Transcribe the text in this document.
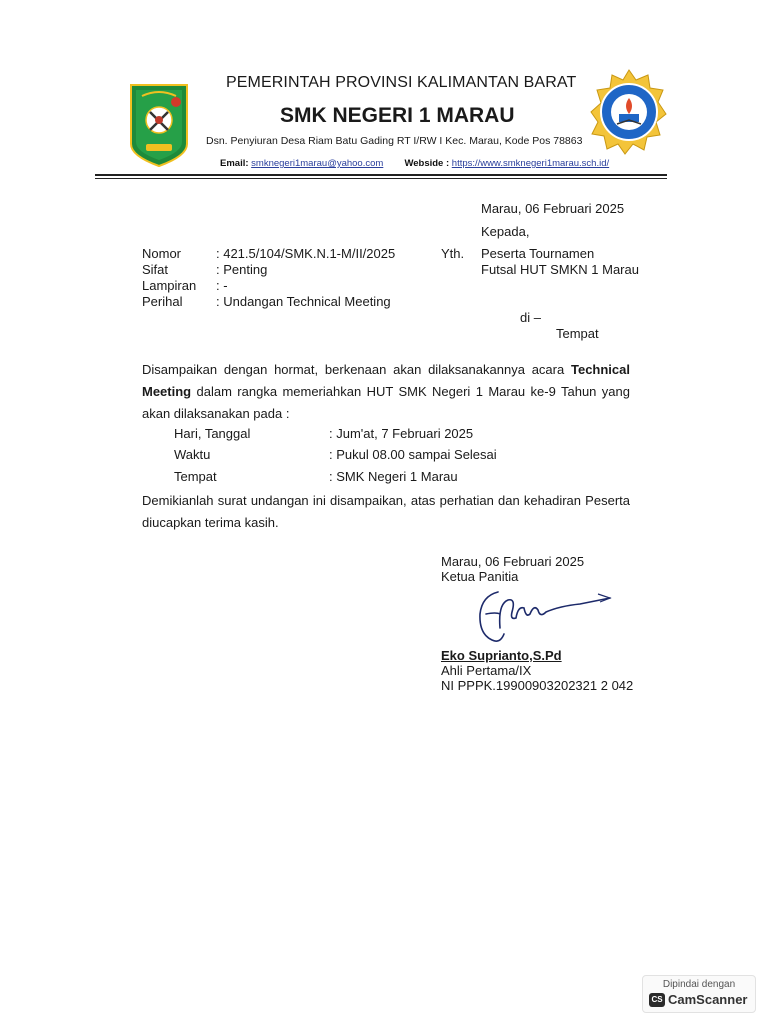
PEMERINTAH PROVINSI KALIMANTAN BARAT
SMK NEGERI 1 MARAU
Dsn. Penyiuran Desa Riam Batu Gading RT I/RW I Kec. Marau, Kode Pos 78863
Email: smknegeri1marau@yahoo.com Webside : https://www.smknegeri1marau.sch.id/
Marau, 06 Februari 2025
Kepada,
Nomor	: 421.5/104/SMK.N.1-M/II/2025
Sifat	: Penting
Lampiran : -
Perihal	: Undangan Technical Meeting
Yth. Peserta Tournamen
Futsal HUT SMKN 1 Marau
di –
Tempat
Disampaikan dengan hormat, berkenaan akan dilaksanakannya acara Technical Meeting dalam rangka memeriahkan HUT SMK Negeri 1 Marau ke-9 Tahun yang akan dilaksanakan pada :
Hari, Tanggal	: Jum'at, 7 Februari 2025
Waktu	: Pukul 08.00 sampai Selesai
Tempat	: SMK Negeri 1 Marau
Demikianlah surat undangan ini disampaikan, atas perhatian dan kehadiran Peserta diucapkan terima kasih.
Marau, 06 Februari 2025
Ketua Panitia
Eko Suprianto,S.Pd
Ahli Pertama/IX
NI PPPK.19900903202321 2 042
Dipindai dengan
CS CamScanner
